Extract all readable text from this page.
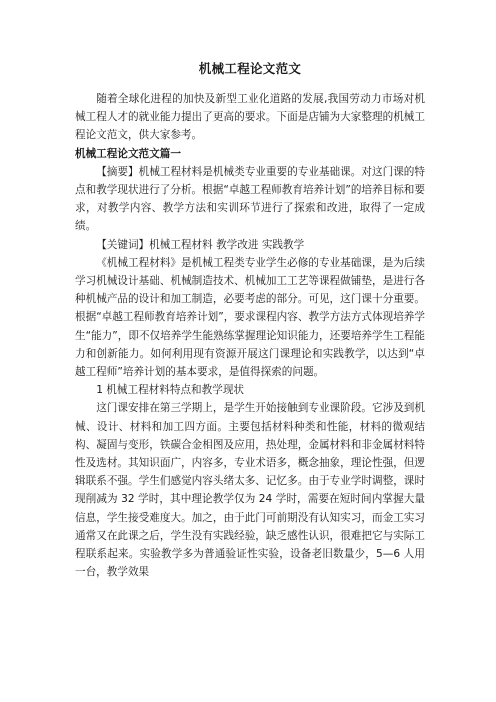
机械工程论文范文

随着全球化进程的加快及新型工业化道路的发展,我国劳动力市场对机械工程人才的就业能力提出了更高的要求。下面是店铺为大家整理的机械工程论文范文，供大家参考。

机械工程论文范文篇一

【摘要】机械工程材料是机械类专业重要的专业基础课。对这门课的特点和教学现状进行了分析。根据“卓越工程师教育培养计划”的培养目标和要求，对教学内容、教学方法和实训环节进行了探索和改进，取得了一定成绩。

【关键词】机械工程材料 教学改进 实践教学

《机械工程材料》是机械工程类专业学生必修的专业基础课，是为后续学习机械设计基础、机械制造技术、机械加工工艺等课程做铺垫，是进行各种机械产品的设计和加工制造，必要考虑的部分。可见，这门课十分重要。根据“卓越工程师教育培养计划”，要求课程内容、教学方法方式体现培养学生“能力”，即不仅培养学生能熟练掌握理论知识能力，还要培养学生工程能力和创新能力。如何利用现有资源开展这门课理论和实践教学，以达到“卓越工程师”培养计划的基本要求，是值得探索的问题。

1 机械工程材料特点和教学现状

这门课安排在第三学期上，是学生开始接触到专业课阶段。它涉及到机械、设计、材料和加工四方面。主要包括材料种类和性能，材料的微观结构、凝固与变形，铁碳合金相图及应用，热处理，金属材料和非金属材料特性及选材。其知识面广，内容多，专业术语多，概念抽象，理论性强，但逻辑联系不强。学生们感觉内容头绪太多、记忆多。由于专业学时调整，课时现削减为 32 学时，其中理论教学仅为 24 学时，需要在短时间内掌握大量信息，学生接受难度大。加之，由于此门可前期没有认知实习，而金工实习通常又在此课之后，学生没有实践经验，缺乏感性认识，很难把它与实际工程联系起来。实验教学多为普通验证性实验，设备老旧数量少，5—6 人用一台，教学效果
